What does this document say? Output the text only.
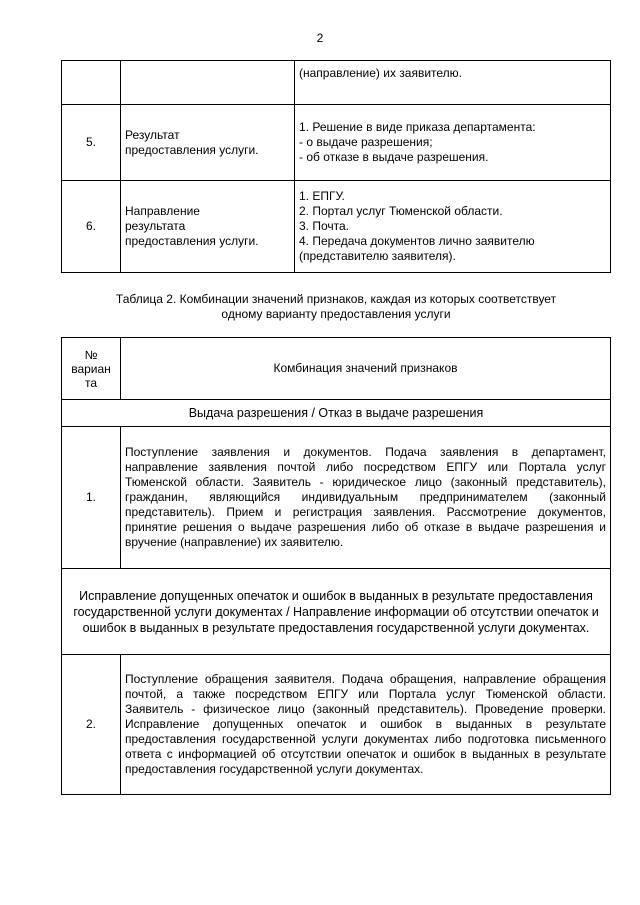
2

		(направление) их заявителю.

5.	Результат
предоставления услуги.	1. Решение в виде приказа департамента:
- о выдаче разрешения;
- об отказе в выдаче разрешения.

6.	Направление
результата
предоставления услуги.	1. ЕПГУ.
2. Портал услуг Тюменской области.
3. Почта.
4. Передача документов лично заявителю
(представителю заявителя).
Таблица 2. Комбинации значений признаков, каждая из которых соответствует
одному варианту предоставления услуги
№
вариан
та	Комбинация значений признаков
Выдача разрешения / Отказ в выдаче разрешения	
1.	Поступление заявления и документов. Подача заявления в департамент, направление заявления почтой либо посредством ЕПГУ или Портала услуг Тюменской области. Заявитель - юридическое лицо (законный представитель), гражданин, являющийся индивидуальным предпринимателем (законный представитель). Прием и регистрация заявления. Рассмотрение документов, принятие решения о выдаче разрешения либо об отказе в выдаче разрешения и вручение (направление) их заявителю.
Исправление допущенных опечаток и ошибок в выданных в результате предоставления государственной услуги документах / Направление информации об отсутствии опечаток и ошибок в выданных в результате предоставления государственной услуги документах.	
2.	Поступление обращения заявителя. Подача обращения, направление обращения почтой, а также посредством ЕПГУ или Портала услуг Тюменской области. Заявитель - физическое лицо (законный представитель). Проведение проверки. Исправление допущенных опечаток и ошибок в выданных в результате предоставления государственной услуги документах либо подготовка письменного ответа с информацией об отсутствии опечаток и ошибок в выданных в результате предоставления государственной услуги документах.
